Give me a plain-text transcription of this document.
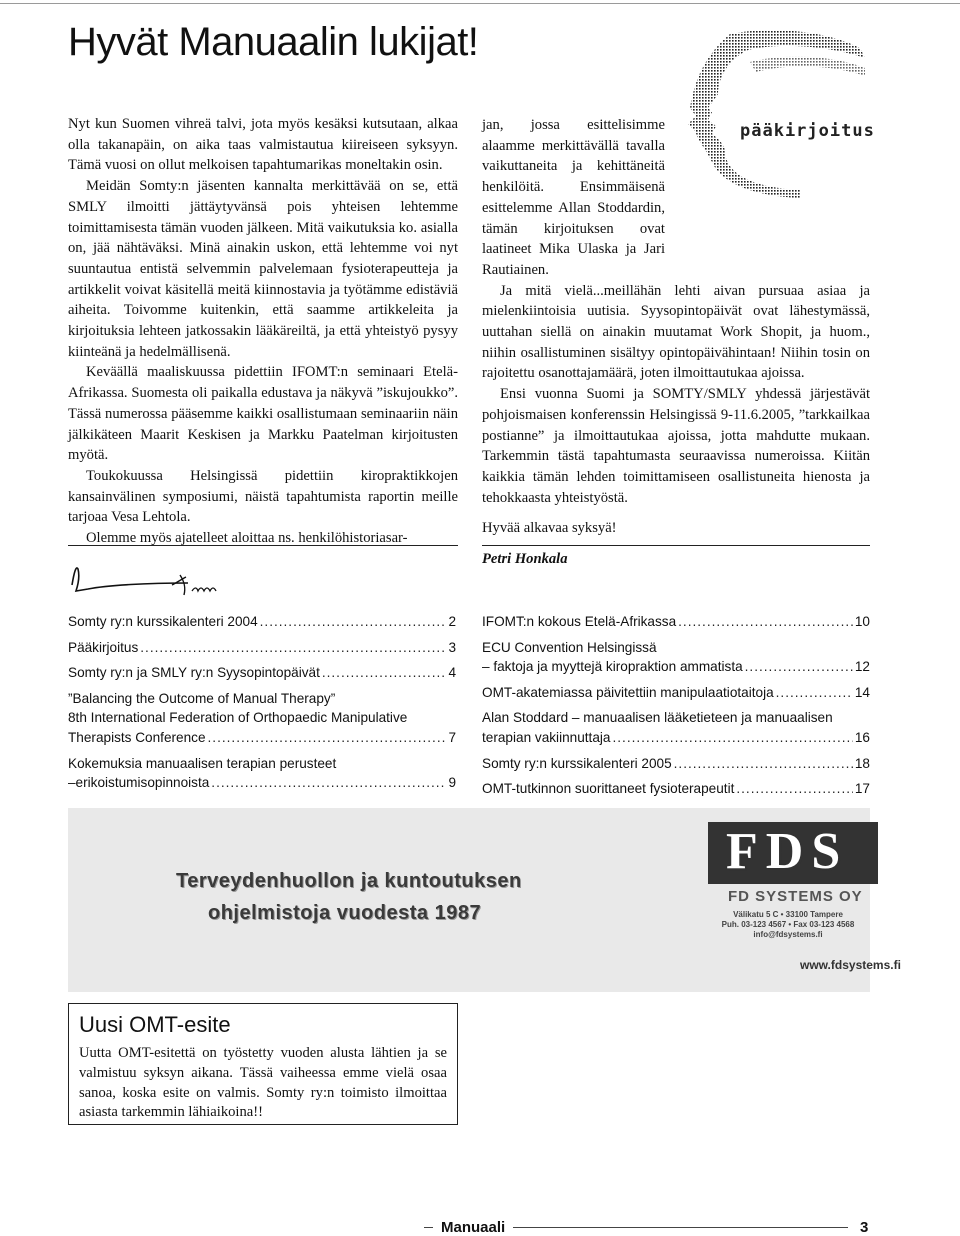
Hyvät Manuaalin lukijat!
pääkirjoitus

Nyt kun Suomen vihreä talvi, jota myös kesäksi kutsutaan, alkaa olla takanapäin, on aika taas valmistautua kiireiseen syksyyn. Tämä vuosi on ollut melkoisen tapahtumarikas moneltakin osin.

Meidän Somty:n jäsenten kannalta merkittävää on se, että SMLY ilmoitti jättäytyvänsä pois yhteisen lehtemme toimittamisesta tämän vuoden jälkeen. Mitä vaikutuksia ko. asialla on, jää nähtäväksi. Minä ainakin uskon, että lehtemme voi nyt suuntautua entistä selvemmin palvelemaan fysioterapeutteja ja artikkelit voivat käsitellä meitä kiinnostavia ja työtämme edistäviä aiheita. Toivomme kuitenkin, että saamme artikkeleita ja kirjoituksia lehteen jatkossakin lääkäreiltä, ja että yhteistyö pysyy kiinteänä ja hedelmällisenä.

Keväällä maaliskuussa pidettiin IFOMT:n seminaari Etelä-Afrikassa. Suomesta oli paikalla edustava ja näkyvä ”iskujoukko”. Tässä numerossa pääsemme kaikki osallistumaan seminaariin näin jälkikäteen Maarit Keskisen ja Markku Paatelman kirjoitusten myötä.

Toukokuussa Helsingissä pidettiin kiropraktikkojen kansainvälinen symposiumi, näistä tapahtumista raportin meille tarjoaa Vesa Lehtola.

Olemme myös ajatelleet aloittaa ns. henkilöhistoriasar-

jan, jossa esittelisimme alaamme merkittävällä tavalla vaikuttaneita ja kehittäneitä henkilöitä. Ensimmäisenä esittelemme Allan Stoddardin, tämän kirjoituksen ovat laatineet Mika Ulaska ja Jari Rautiainen.

Ja mitä vielä...meillähän lehti aivan pursuaa asiaa ja mielenkiintoisia uutisia. Syysopintopäivät ovat lähestymässä, uuttahan siellä on ainakin muutamat Work Shopit, ja huom., niihin osallistuminen sisältyy opintopäivähintaan! Niihin tosin on rajoitettu osanottajamäärä, joten ilmoittautukaa ajoissa.

Ensi vuonna Suomi ja SOMTY/SMLY yhdessä järjestävät pohjoismaisen konferenssin Helsingissä 9-11.6.2005, ”tarkkailkaa postianne” ja ilmoittautukaa ajoissa, jotta mahdutte mukaan. Tarkemmin tästä tapahtumasta seuraavissa numeroissa. Kiitän kaikkia tämän lehden toimittamiseen osallistuneita hienosta ja tehokkaasta yhteistyöstä.

Hyvää alkavaa syksyä!

Petri Honkala

Somty ry:n kurssikalenteri 2004 .....	2
Pääkirjoitus .....	3
Somty ry:n ja SMLY ry:n Syysopintopäivät .....	4
”Balancing the Outcome of Manual Therapy”
8th International Federation of Orthopaedic Manipulative
Therapists Conference .....	7
Kokemuksia manuaalisen terapian perusteet
–erikoistumisopinnoista .....	9
IFOMT:n kokous Etelä-Afrikassa .....	10
ECU Convention Helsingissä
– faktoja ja myyttejä kiropraktion ammatista .....	12
OMT-akatemiassa päivitettiin manipulaatiotaitoja .....	14
Alan Stoddard – manuaalisen lääketieteen ja manuaalisen
terapian vakiinnuttaja .....	16
Somty ry:n kurssikalenteri 2005 .....	18
OMT-tutkinnon suorittaneet fysioterapeutit .....	17
Terveydenhuollon ja kuntoutuksen
ohjelmistoja vuodesta 1987
FDS
FD SYSTEMS OY
Välikatu 5 C • 33100 Tampere
Puh. 03-123 4567 • Fax 03-123 4568
info@fdsystems.fi
www.fdsystems.fi
Uusi OMT-esite
Uutta OMT-esitettä on työstetty vuoden alusta lähtien ja se valmistuu syksyn aikana. Tässä vaiheessa emme vielä osaa sanoa, koska esite on valmis. Somty ry:n toimisto ilmoittaa asiasta tarkemmin lähiaikoina!!
Manuaali	3
